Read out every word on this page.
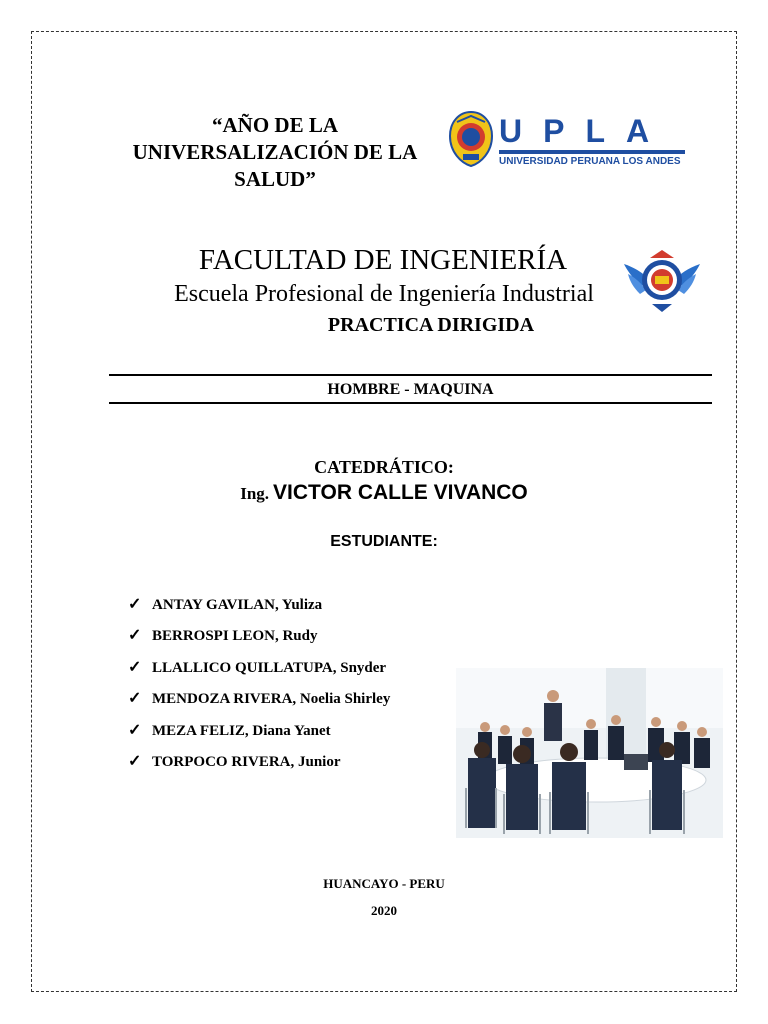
“AÑO DE LA
UNIVERSALIZACIÓN DE LA
SALUD”
UPLA
UNIVERSIDAD PERUANA LOS ANDES
FACULTAD DE INGENIERÍA
Escuela Profesional de Ingeniería Industrial
PRACTICA DIRIGIDA
HOMBRE - MAQUINA
CATEDRÁTICO:
Ing. VICTOR CALLE VIVANCO
ESTUDIANTE:
✓ ANTAY GAVILAN, Yuliza
✓ BERROSPI LEON, Rudy
✓ LLALLICO QUILLATUPA, Snyder
✓ MENDOZA RIVERA, Noelia Shirley
✓ MEZA FELIZ, Diana Yanet
✓ TORPOCO RIVERA, Junior
HUANCAYO - PERU
2020
